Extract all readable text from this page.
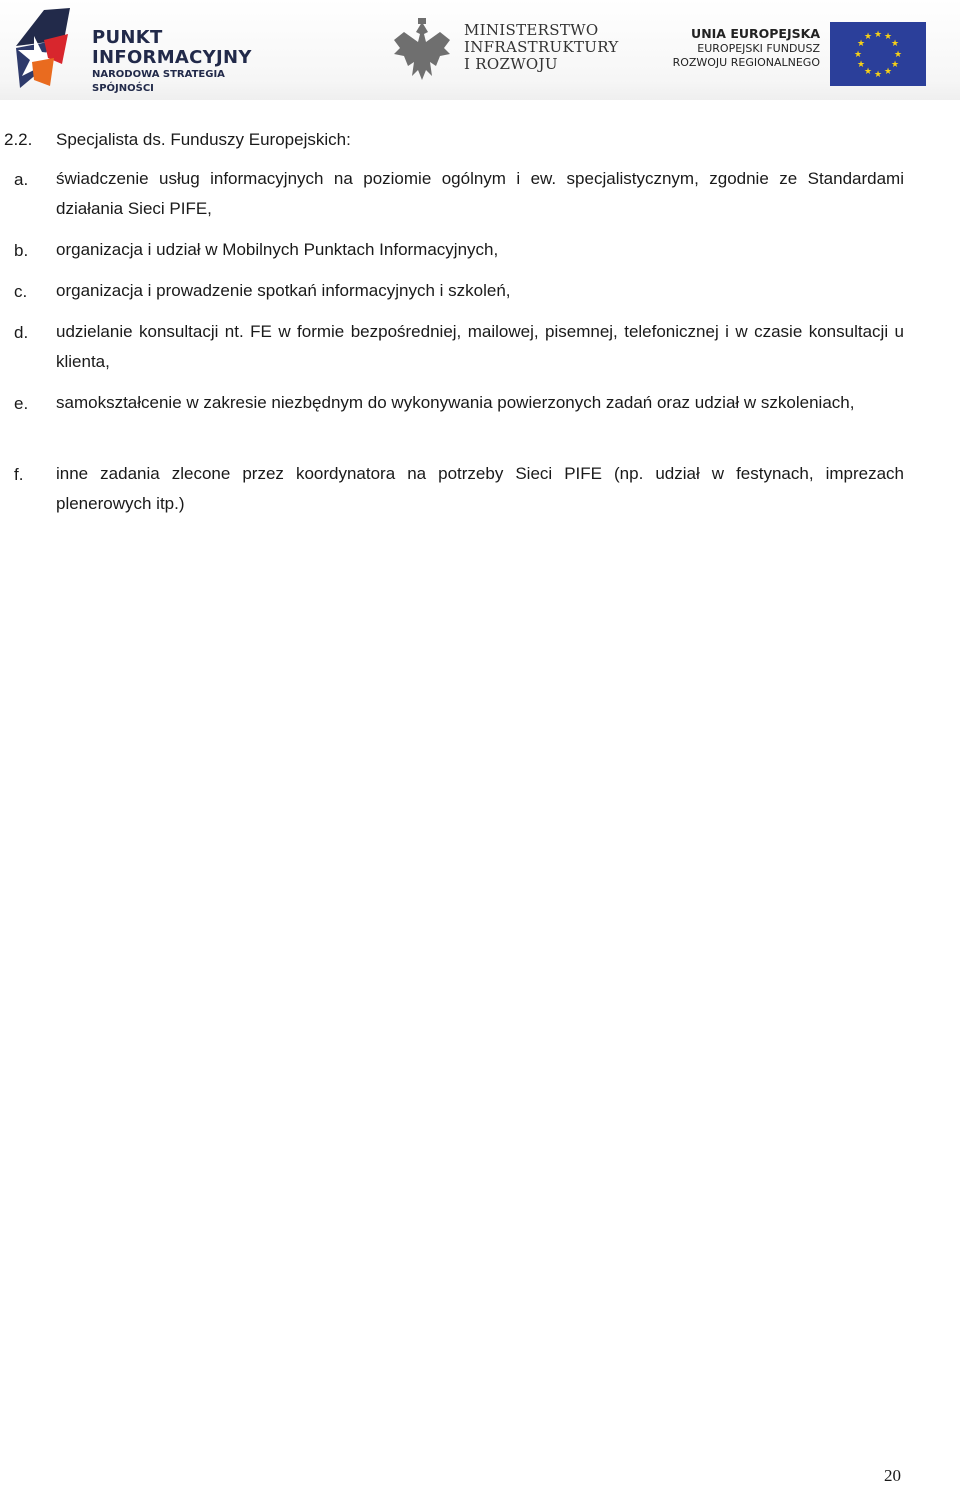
PUNKT
INFORMACYJNY
NARODOWA STRATEGIA SPÓJNOŚCI
MINISTERSTWO
INFRASTRUKTURY
I ROZWOJU
UNIA EUROPEJSKA
EUROPEJSKI FUNDUSZ
ROZWOJU REGIONALNEGO
★ ★
★
★
★
★
★
★
★
★
★
★
2.2. Specjalista ds. Funduszy Europejskich:
a. świadczenie usług informacyjnych na poziomie ogólnym i ew. specjalistycznym, zgodnie ze Standardami działania Sieci PIFE,
b. organizacja i udział w Mobilnych Punktach Informacyjnych,
c. organizacja i prowadzenie spotkań informacyjnych i szkoleń,
d. udzielanie konsultacji nt. FE w formie bezpośredniej, mailowej, pisemnej, telefonicznej i w czasie konsultacji u klienta,
e. samokształcenie w zakresie niezbędnym do wykonywania powierzonych zadań oraz udział w szkoleniach,
f. inne zadania zlecone przez koordynatora na potrzeby Sieci PIFE (np. udział w festynach, imprezach plenerowych itp.)
20
